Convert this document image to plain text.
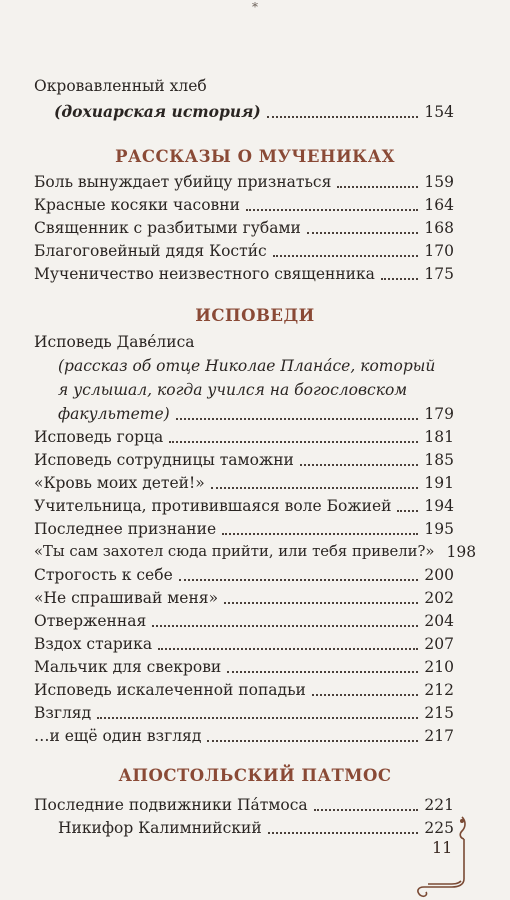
*
Окровавленный хлеб
(дохиарская история)	154
РАССКАЗЫ О МУЧЕНИКАХ
Боль вынуждает убийцу признаться	159
Красные косяки часовни	164
Священник с разбитыми губами	168
Благоговейный дядя Кости́с	170
Мученичество неизвестного священника	175
ИСПОВЕДИ
Исповедь Даве́лиса
(рассказ об отце Николае Плана́се, который
я услышал, когда учился на богословском
факультете)	179
Исповедь горца	181
Исповедь сотрудницы таможни	185
«Кровь моих детей!»	191
Учительница, противившаяся воле Божией 194
Последнее признание	195
«Ты сам захотел сюда прийти, или тебя привели?» 198
Строгость к себе	200
«Не спрашивай меня»	202
Отверженная	204
Вздох старика	207
Мальчик для свекрови	210
Исповедь искалеченной попадьи	212
Взгляд	215
…и ещё один взгляд	217
АПОСТОЛЬСКИЙ ПАТМОС
Последние подвижники Па́тмоса	221
Никифор Калимнийский	225
11
